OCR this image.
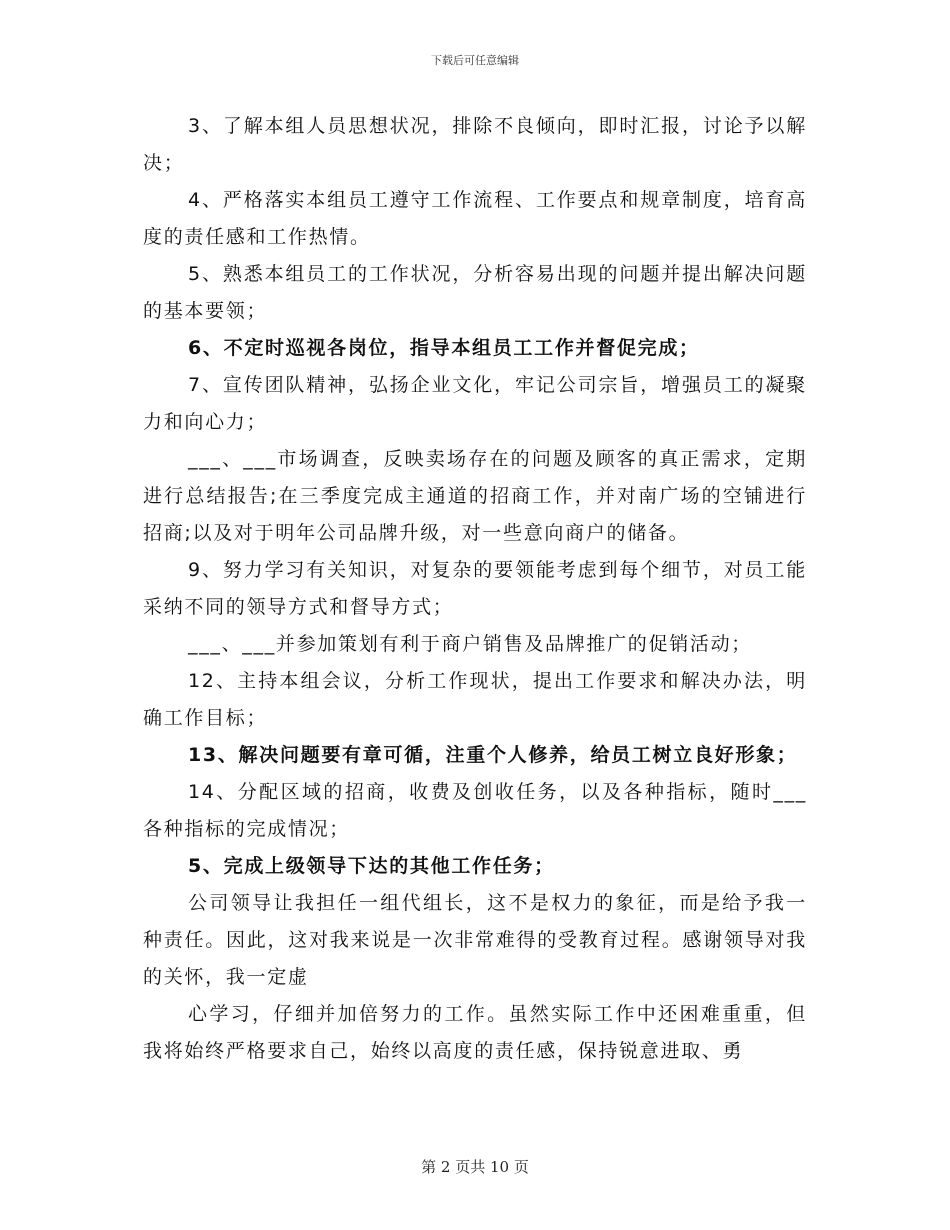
下载后可任意编辑

3、了解本组人员思想状况，排除不良倾向，即时汇报，讨论予以解决；

4、严格落实本组员工遵守工作流程、工作要点和规章制度，培育高度的责任感和工作热情。

5、熟悉本组员工的工作状况，分析容易出现的问题并提出解决问题的基本要领；

6、不定时巡视各岗位，指导本组员工工作并督促完成；

7、宣传团队精神，弘扬企业文化，牢记公司宗旨，增强员工的凝聚力和向心力；

___、___市场调查，反映卖场存在的问题及顾客的真正需求，定期进行总结报告;在三季度完成主通道的招商工作，并对南广场的空铺进行招商;以及对于明年公司品牌升级，对一些意向商户的储备。

9、努力学习有关知识，对复杂的要领能考虑到每个细节，对员工能采纳不同的领导方式和督导方式；

___、___并参加策划有利于商户销售及品牌推广的促销活动；

12、主持本组会议，分析工作现状，提出工作要求和解决办法，明确工作目标；

13、解决问题要有章可循，注重个人修养，给员工树立良好形象；

14、分配区域的招商，收费及创收任务，以及各种指标，随时___各种指标的完成情况；

5、完成上级领导下达的其他工作任务；

公司领导让我担任一组代组长，这不是权力的象征，而是给予我一种责任。因此，这对我来说是一次非常难得的受教育过程。感谢领导对我的关怀，我一定虚

心学习，仔细并加倍努力的工作。虽然实际工作中还困难重重，但我将始终严格要求自己，始终以高度的责任感，保持锐意进取、勇

第 2 页共 10 页
